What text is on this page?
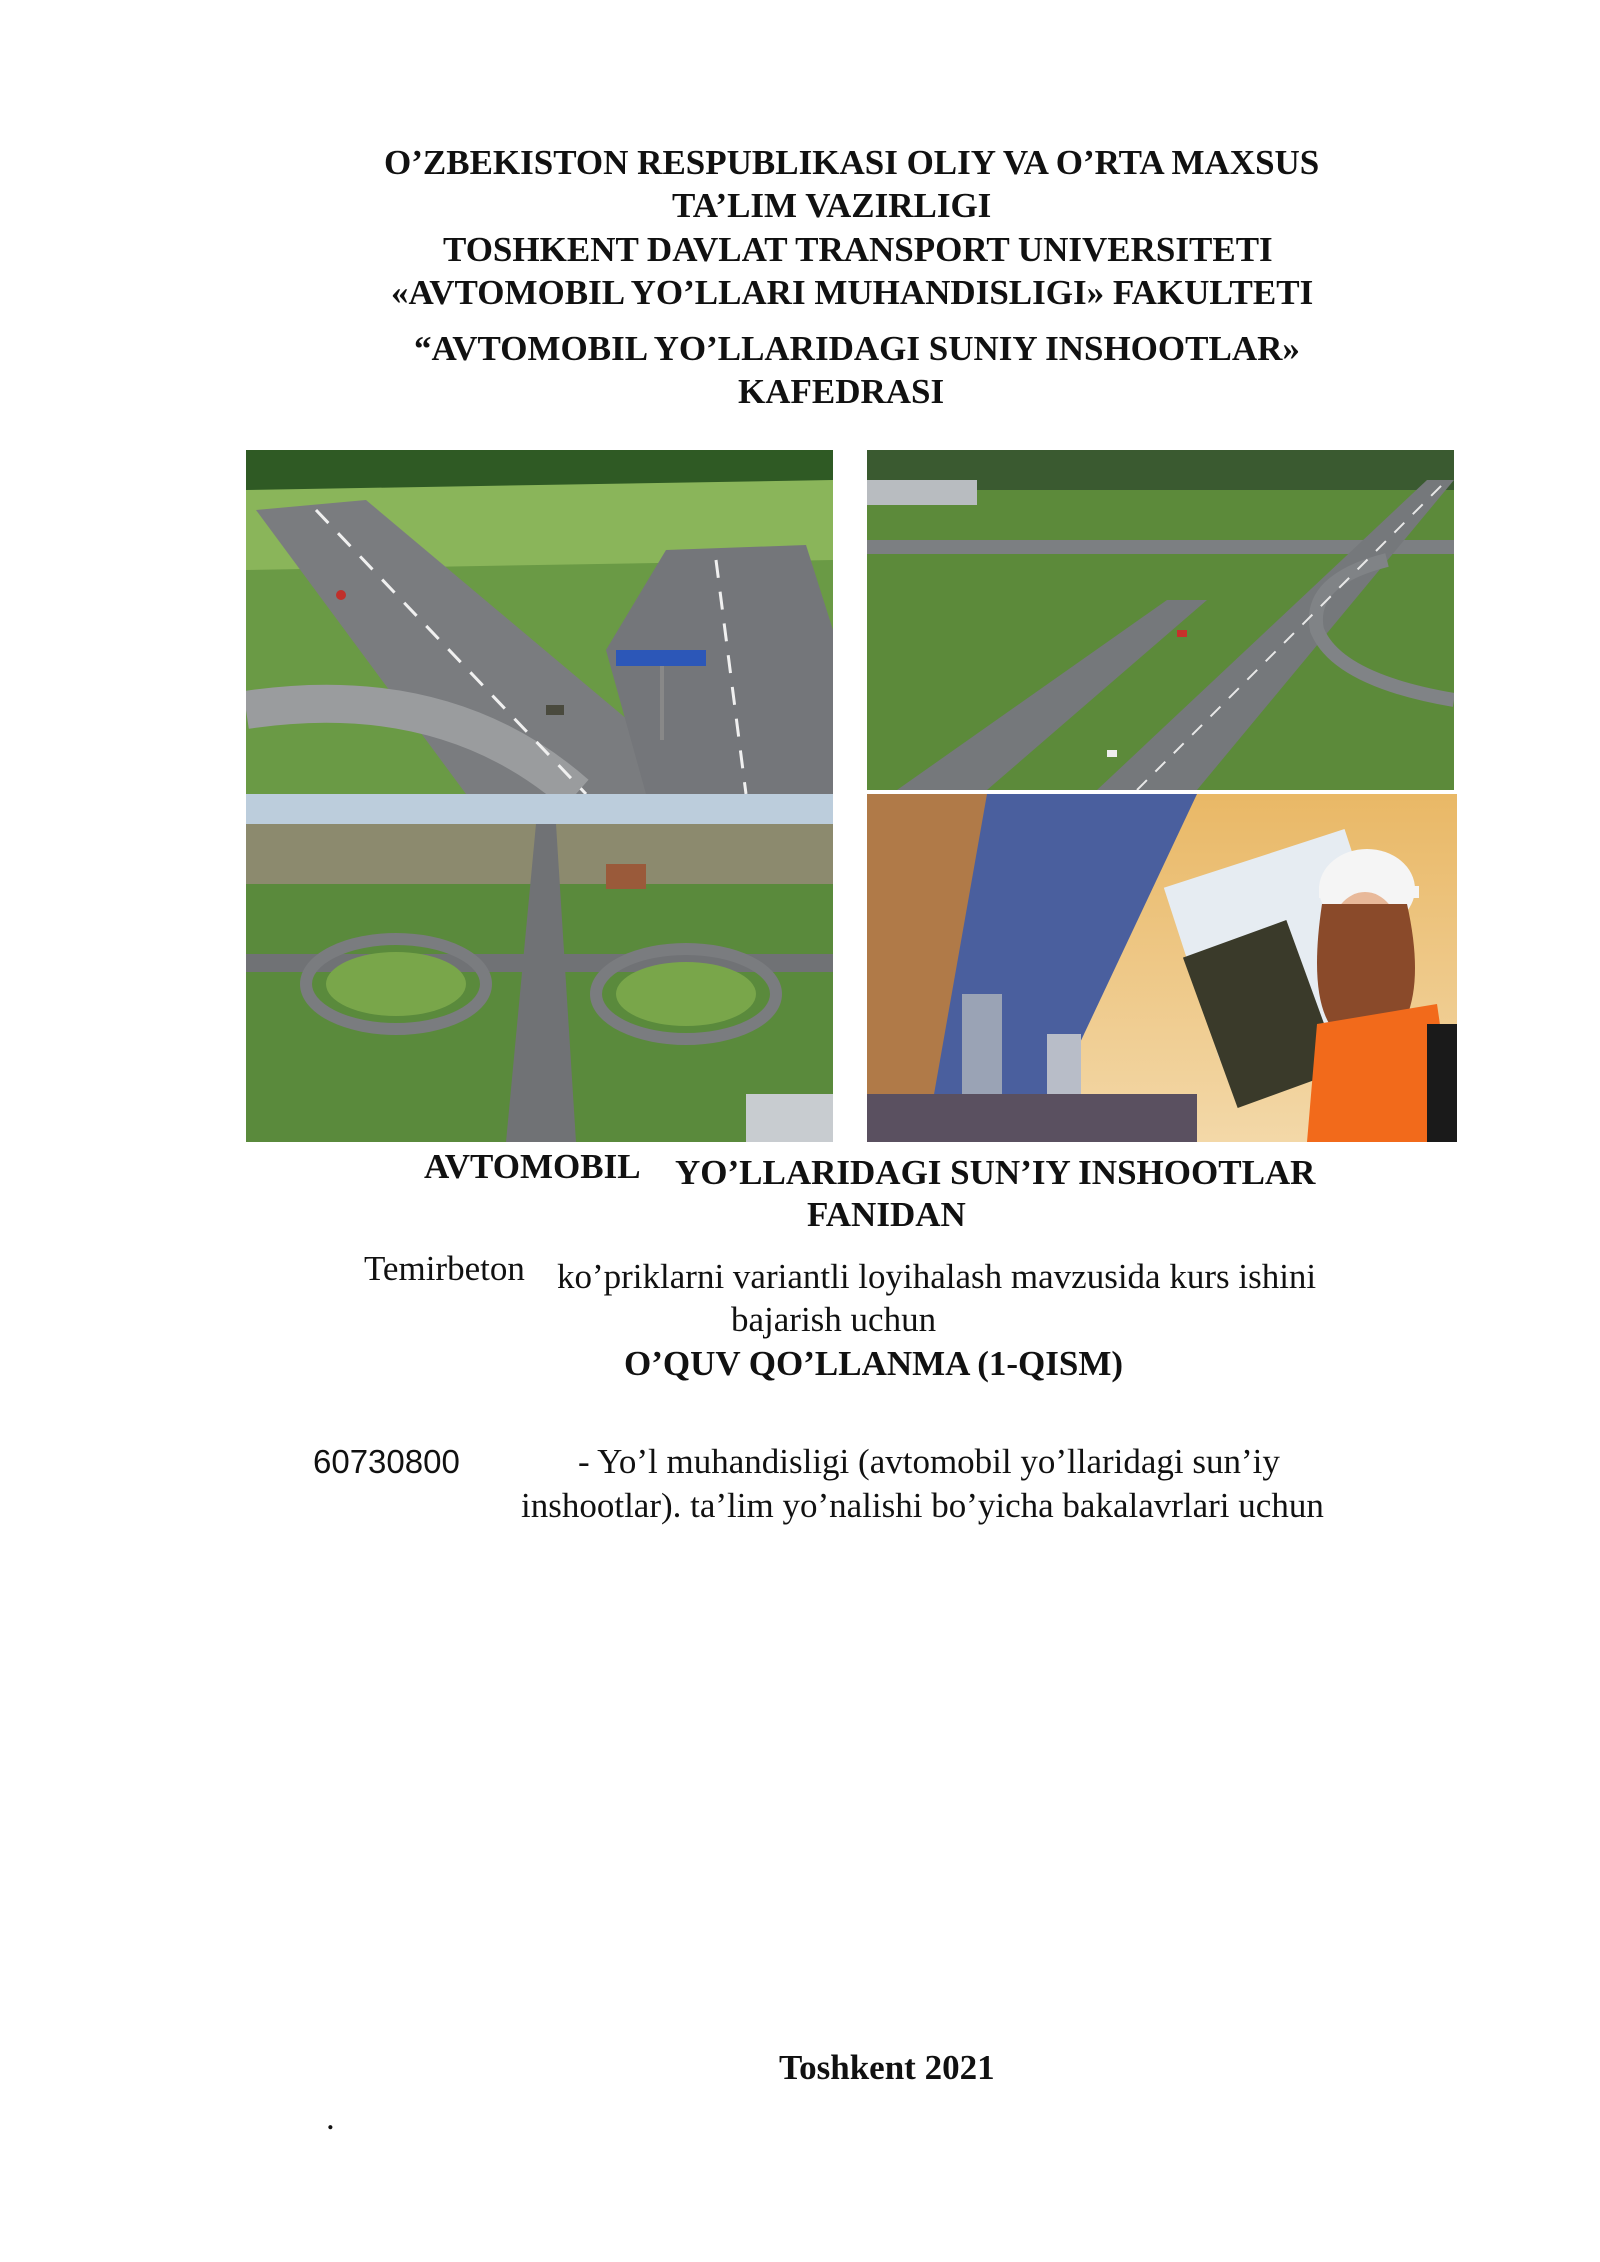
O’ZBEKISTON RESPUBLIKASI OLIY VA O’RTA MAXSUS
TA’LIM VAZIRLIGI
TOSHKENT DAVLAT TRANSPORT UNIVERSITETI
«AVTOMOBIL YO’LLARI MUHANDISLIGI» FAKULTETI
“AVTOMOBIL YO’LLARIDAGI SUNIY INSHOOTLAR»
KAFEDRASI
AVTOMOBIL YO’LLARIDAGI SUN’IY INSHOOTLAR
FANIDAN
Temirbeton ko’priklarni variantli loyihalash mavzusida kurs ishini
bajarish uchun
O’QUV QO’LLANMA (1-QISM)
60730800	- Yo’l muhandisligi (avtomobil yo’llaridagi sun’iy
inshootlar). ta’lim yo’nalishi bo’yicha bakalavrlari uchun
Toshkent 2021
.
